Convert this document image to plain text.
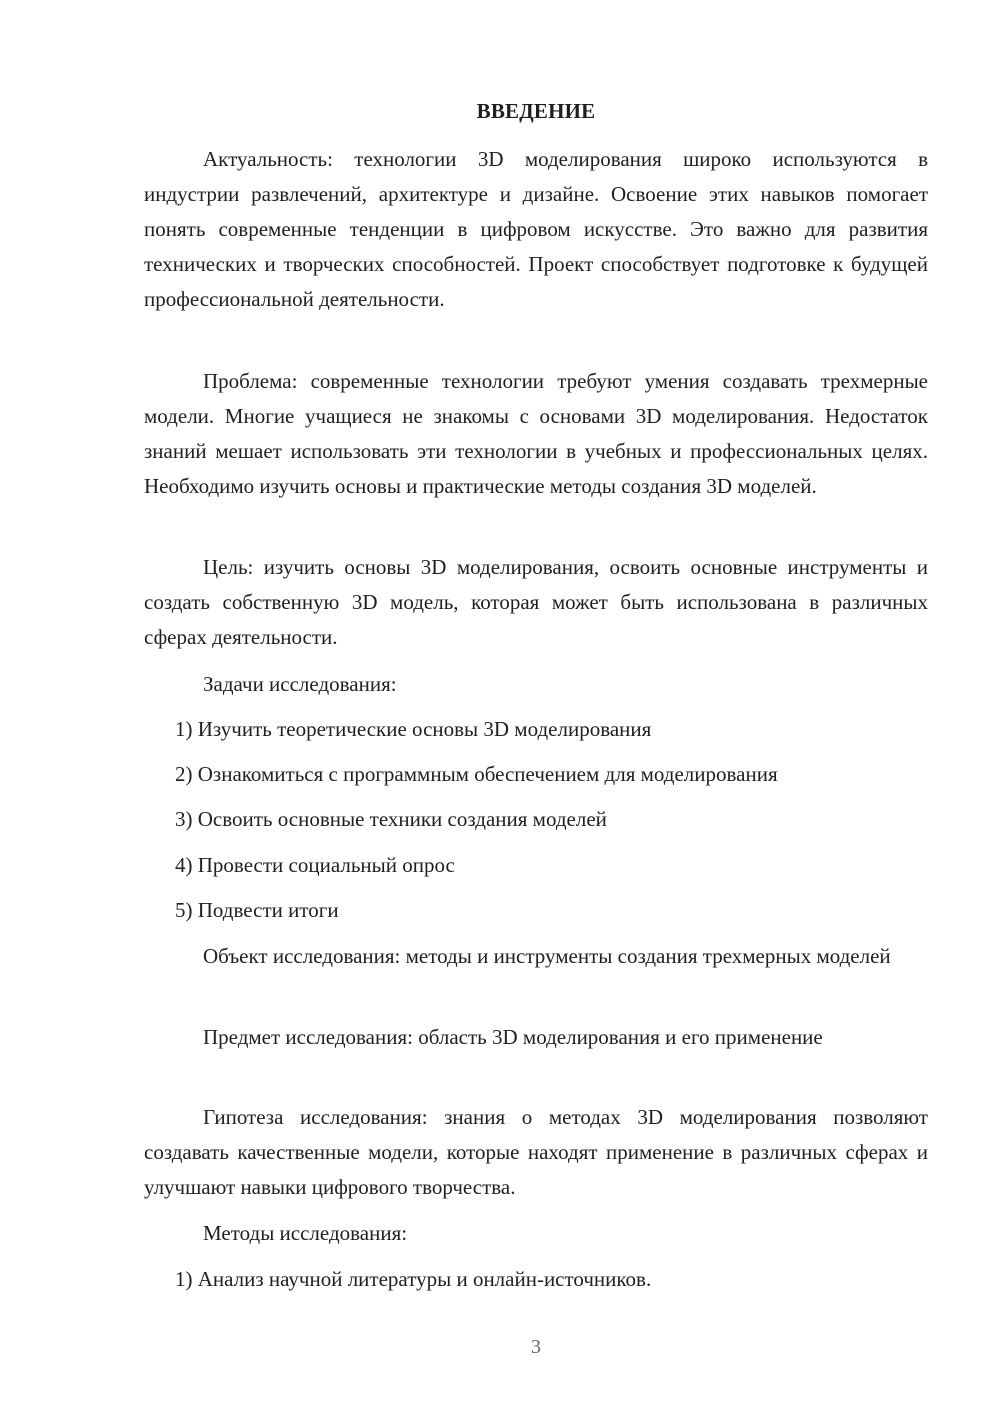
ВВЕДЕНИЕ

Актуальность: технологии 3D моделирования широко используются в индустрии развлечений, архитектуре и дизайне. Освоение этих навыков помогает понять современные тенденции в цифровом искусстве. Это важно для развития технических и творческих способностей. Проект способствует подготовке к будущей профессиональной деятельности.

Проблема: современные технологии требуют умения создавать трехмерные модели. Многие учащиеся не знакомы с основами 3D моделирования. Недостаток знаний мешает использовать эти технологии в учебных и профессиональных целях. Необходимо изучить основы и практические методы создания 3D моделей.

Цель: изучить основы 3D моделирования, освоить основные инструменты и создать собственную 3D модель, которая может быть использована в различных сферах деятельности.

Задачи исследования:
1) Изучить теоретические основы 3D моделирования
2) Ознакомиться с программным обеспечением для моделирования
3) Освоить основные техники создания моделей
4) Провести социальный опрос
5) Подвести итоги

Объект исследования: методы и инструменты создания трехмерных моделей

Предмет исследования: область 3D моделирования и его применение

Гипотеза исследования: знания о методах 3D моделирования позволяют создавать качественные модели, которые находят применение в различных сферах и улучшают навыки цифрового творчества.

Методы исследования:
1) Анализ научной литературы и онлайн-источников.
3
